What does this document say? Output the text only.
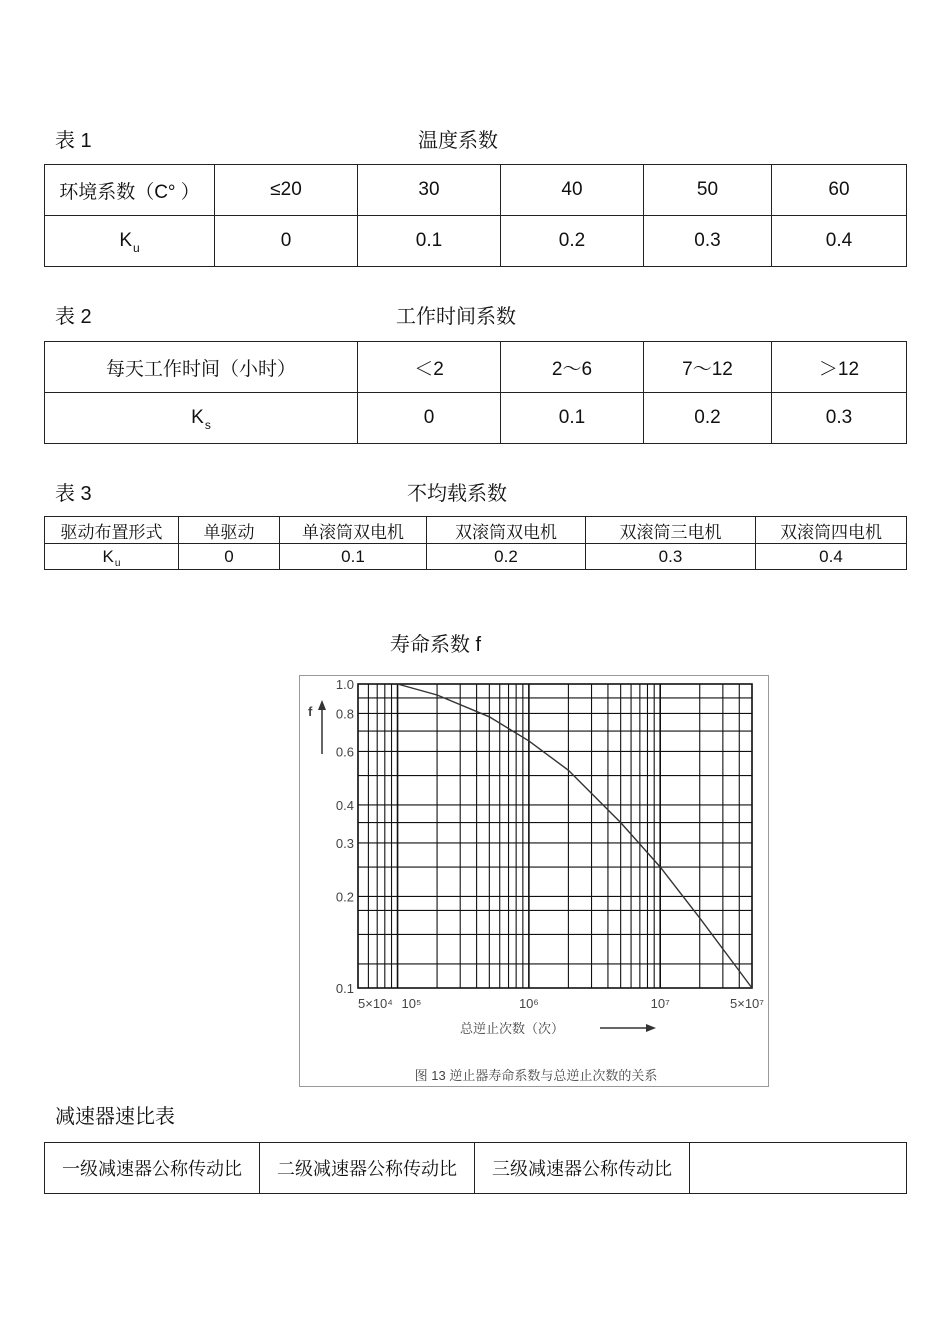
表 1	温度系数
环境系数（C° ）	≤20	30	40	50	60
$K_u$	0	0.1	0.2	0.3	0.4
表 2	工作时间系数
每天工作时间（小时）	＜2	2～6	7～12	＞12
$K_s$	0	0.1	0.2	0.3
表 3	不均载系数
驱动布置形式	单驱动	单滚筒双电机	双滚筒双电机	双滚筒三电机	双滚筒四电机
$K_u$	0	0.1	0.2	0.3	0.4
寿命系数 f
0.1
0.2
0.3
0.4
0.6
0.8
1.0
5×10⁴ 10⁵	10⁶	10⁷	5×10⁷
f
总逆止次数（次）
图 13 逆止器寿命系数与总逆止次数的关系
减速器速比表
一级减速器公称传动比	二级减速器公称传动比	三级减速器公称传动比	
